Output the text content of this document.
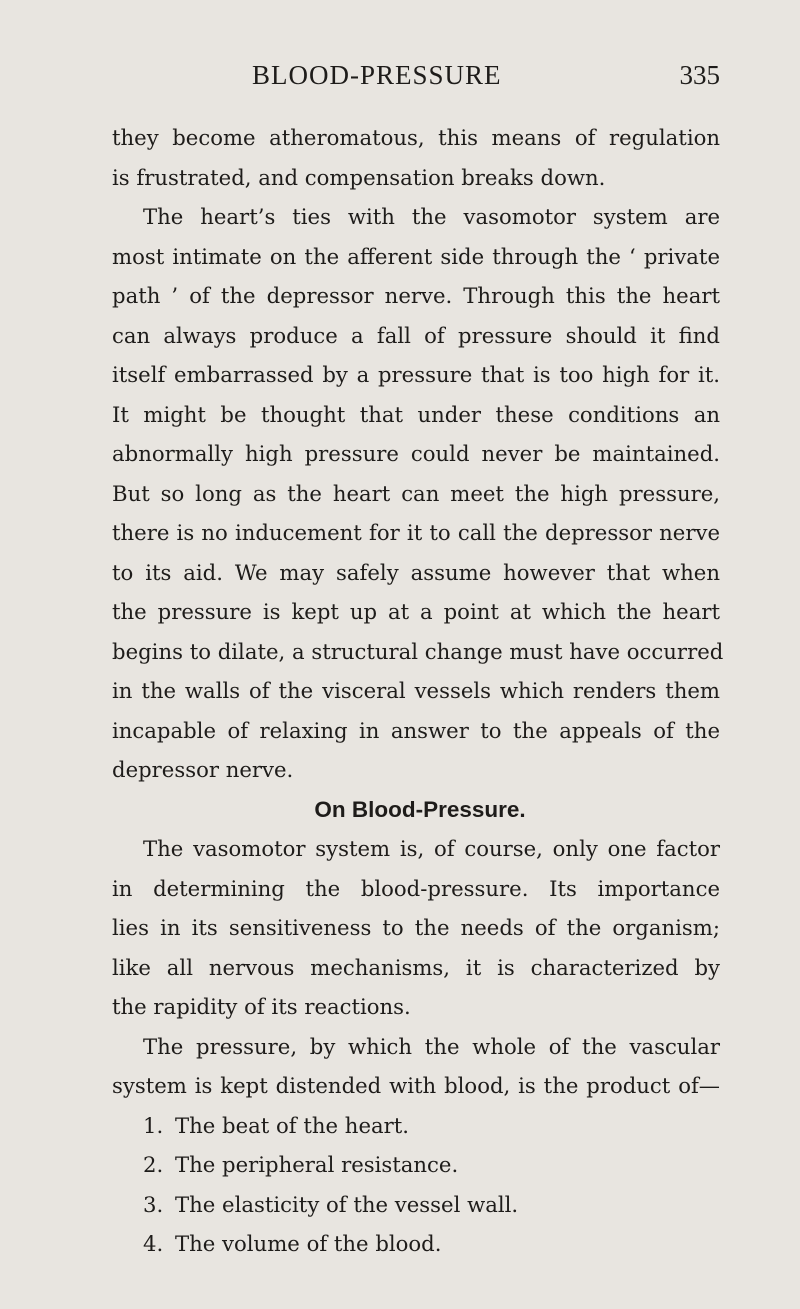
BLOOD-PRESSURE	335

they become atheromatous, this means of regulation
is frustrated, and compensation breaks down.

The heart’s ties with the vasomotor system are
most intimate on the afferent side through the ‘ private
path ’ of the depressor nerve. Through this the heart
can always produce a fall of pressure should it find
itself embarrassed by a pressure that is too high for it.
It might be thought that under these conditions an
abnormally high pressure could never be maintained.
But so long as the heart can meet the high pressure,
there is no inducement for it to call the depressor nerve
to its aid. We may safely assume however that when
the pressure is kept up at a point at which the heart
begins to dilate, a structural change must have occurred
in the walls of the visceral vessels which renders them
incapable of relaxing in answer to the appeals of the
depressor nerve.

On Blood-Pressure.

The vasomotor system is, of course, only one factor
in determining the blood-pressure. Its importance
lies in its sensitiveness to the needs of the organism;
like all nervous mechanisms, it is characterized by
the rapidity of its reactions.

The pressure, by which the whole of the vascular
system is kept distended with blood, is the product of—

1. The beat of the heart.
2. The peripheral resistance.
3. The elasticity of the vessel wall.
4. The volume of the blood.
